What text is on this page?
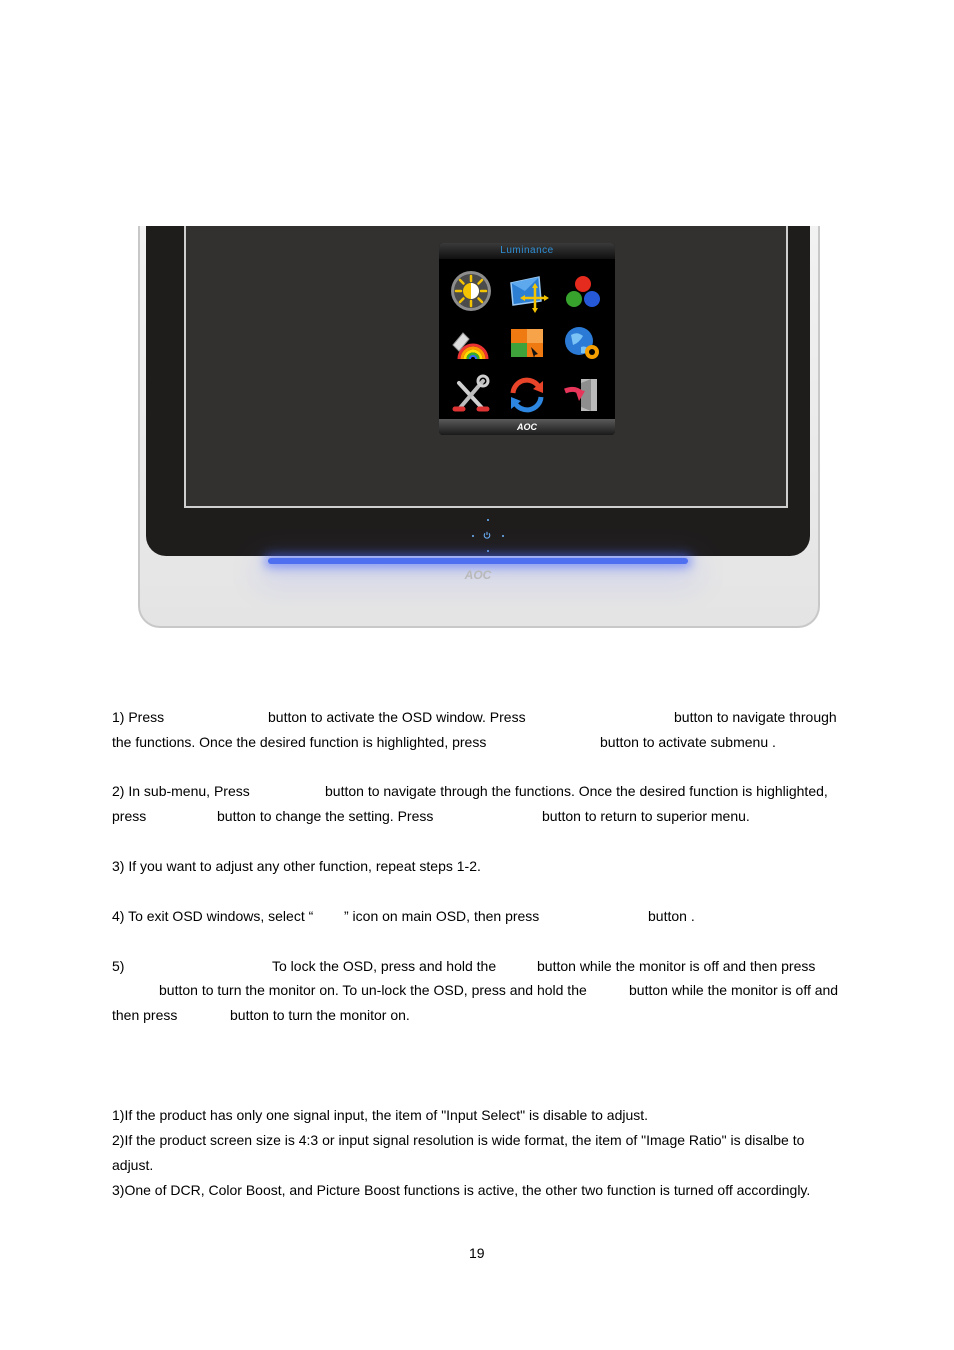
Luminance
AOC
AOC
1) Press	button to activate the OSD window. Press	button to navigate through
the functions. Once the desired function is highlighted, press	button to activate submenu .
2) In sub-menu, Press	button to navigate through the functions. Once the desired function is highlighted,
press	button to change the setting. Press	button to return to superior menu.
3) If you want to adjust any other function, repeat steps 1-2.
4) To exit OSD windows, select “ ” icon on main OSD, then press	button .
5)	To lock the OSD, press and hold the	button while the monitor is off and then press
button to turn the monitor on. To un-lock the OSD, press and hold the	button while the monitor is off and
then press	button to turn the monitor on.
1)If the product has only one signal input, the item of "Input Select" is disable to adjust.
2)If the product screen size is 4:3 or input signal resolution is wide format, the item of "Image Ratio" is disalbe to
adjust.
3)One of DCR, Color Boost, and Picture Boost functions is active, the other two function is turned off accordingly.
19
